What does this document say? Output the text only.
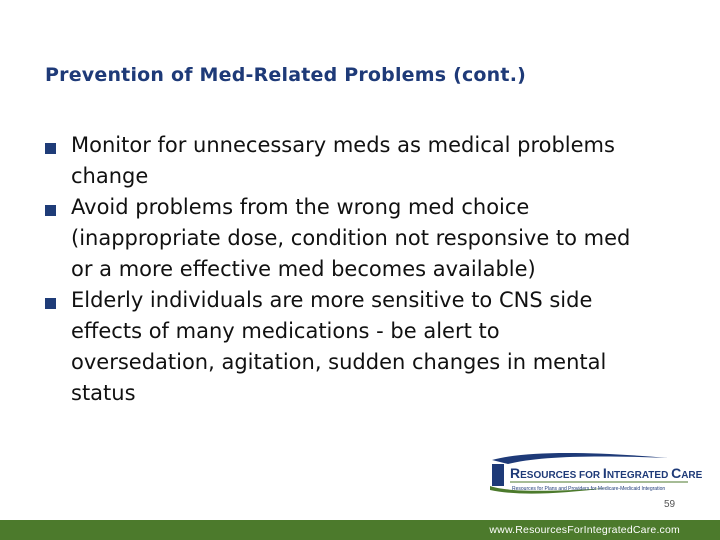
Prevention of Med-Related Problems (cont.)
Monitor for unnecessary meds as medical problems
change
Avoid problems from the wrong med choice
(inappropriate dose, condition not responsive to med
or a more effective med becomes available)
Elderly individuals are more sensitive to CNS side
effects of many medications - be alert to
oversedation, agitation, sudden changes in mental
status
RESOURCES FOR INTEGRATED CARE
Resources for Plans and Providers for Medicare-Medicaid Integration
59
www.ResourcesForIntegratedCare.com
